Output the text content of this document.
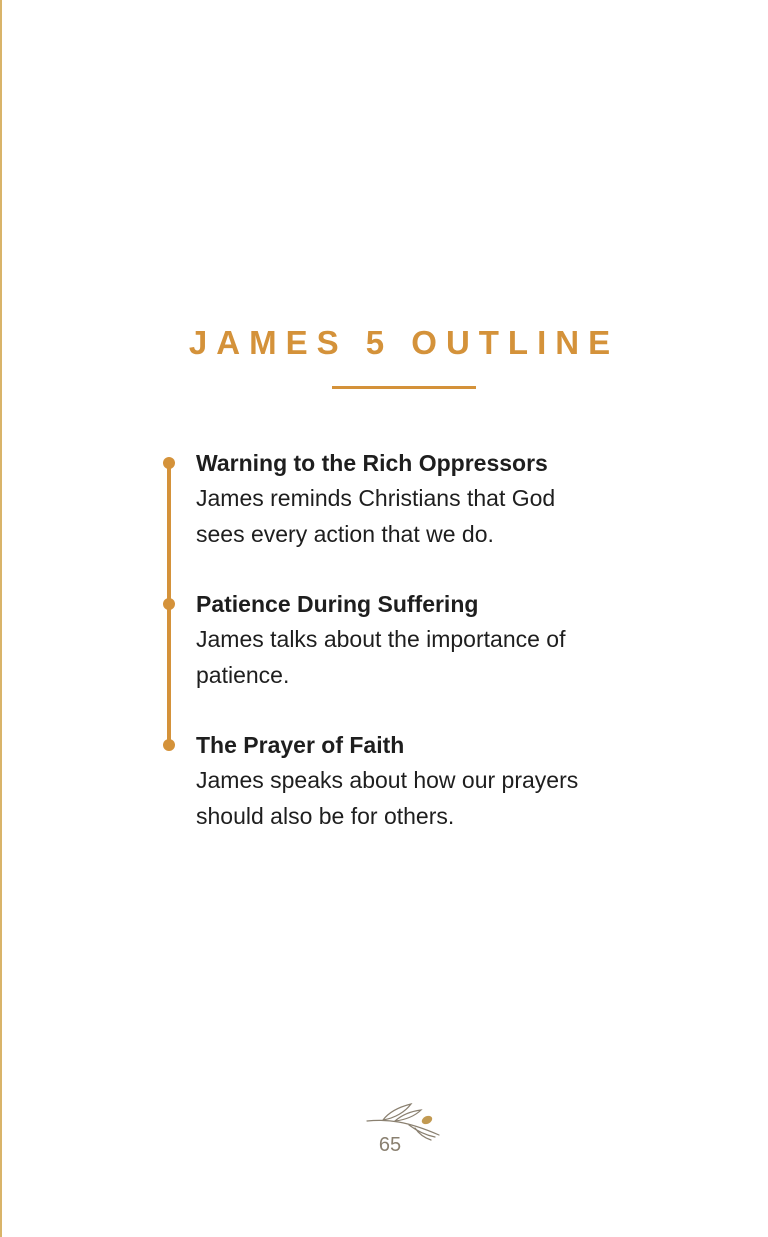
JAMES 5 OUTLINE

Warning to the Rich Oppressors

James reminds Christians that God

sees every action that we do.

Patience During Suffering

James talks about the importance of

patience.

The Prayer of Faith

James speaks about how our prayers

should also be for others.

65
